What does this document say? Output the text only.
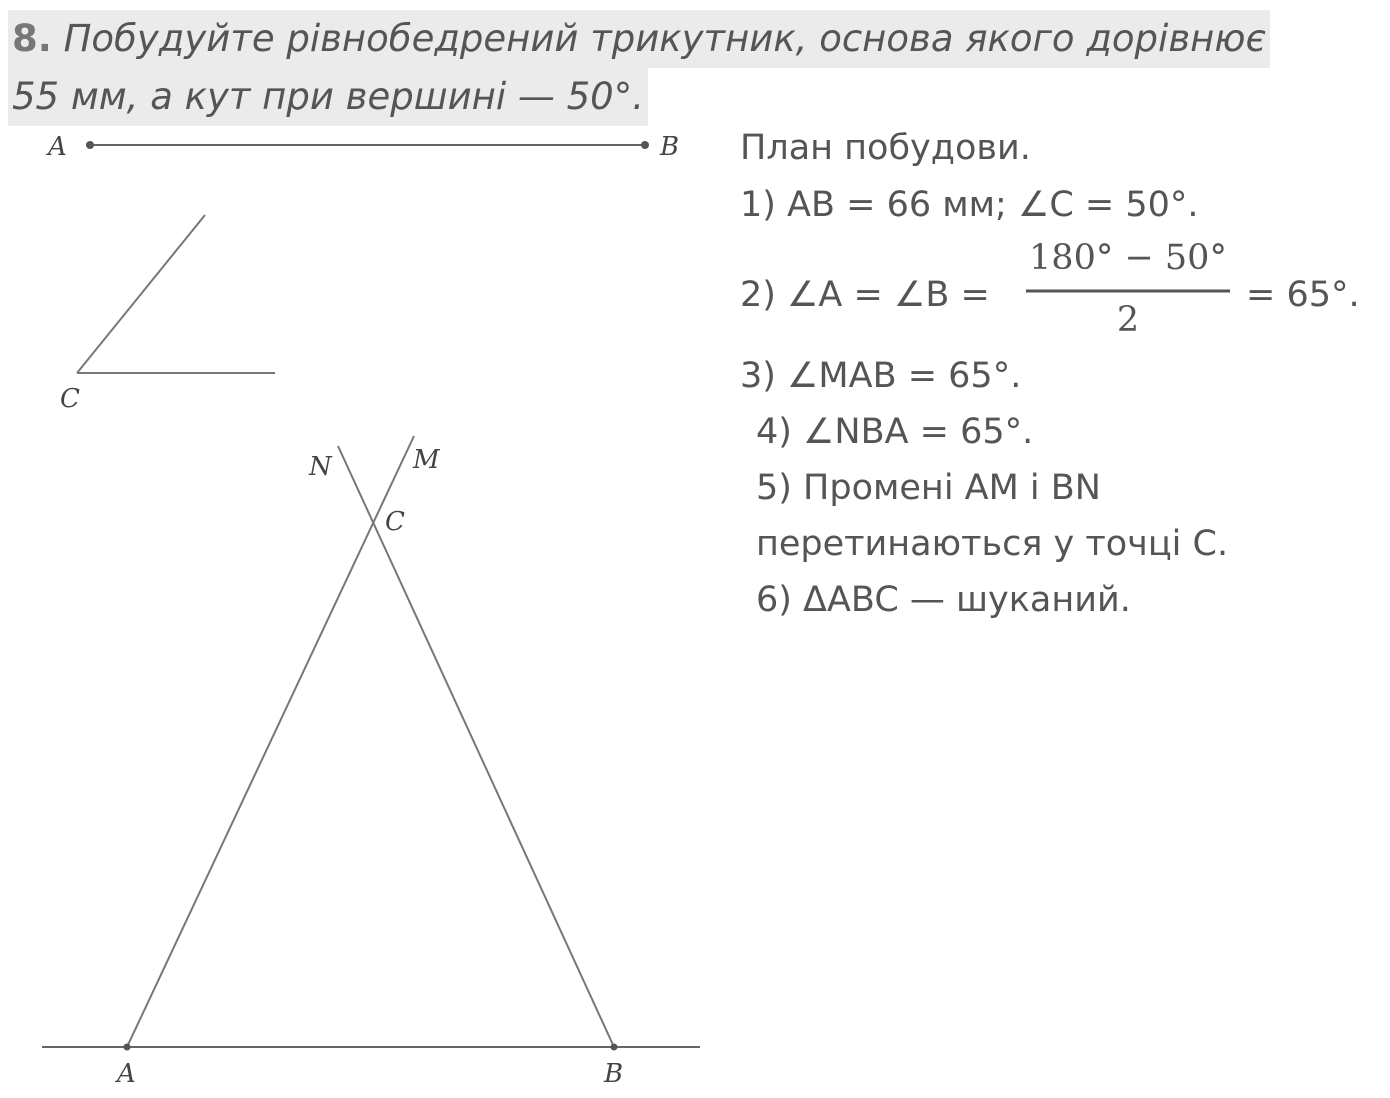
8. Побудуйте рівнобедрений трикутник, основа якого дорівнює
55 мм, а кут при вершині — 50°.
A	B
C
N	M
C
A	B
План побудови.
1) AB = 66 мм; ∠C = 50°.
2) ∠A = ∠B =	= 65°.
3) ∠MAB = 65°.
4) ∠NBA = 65°.
5) Промені AM і BN
перетинаються у точці C.
6) ΔABC — шуканий.
180° − 50°
2
